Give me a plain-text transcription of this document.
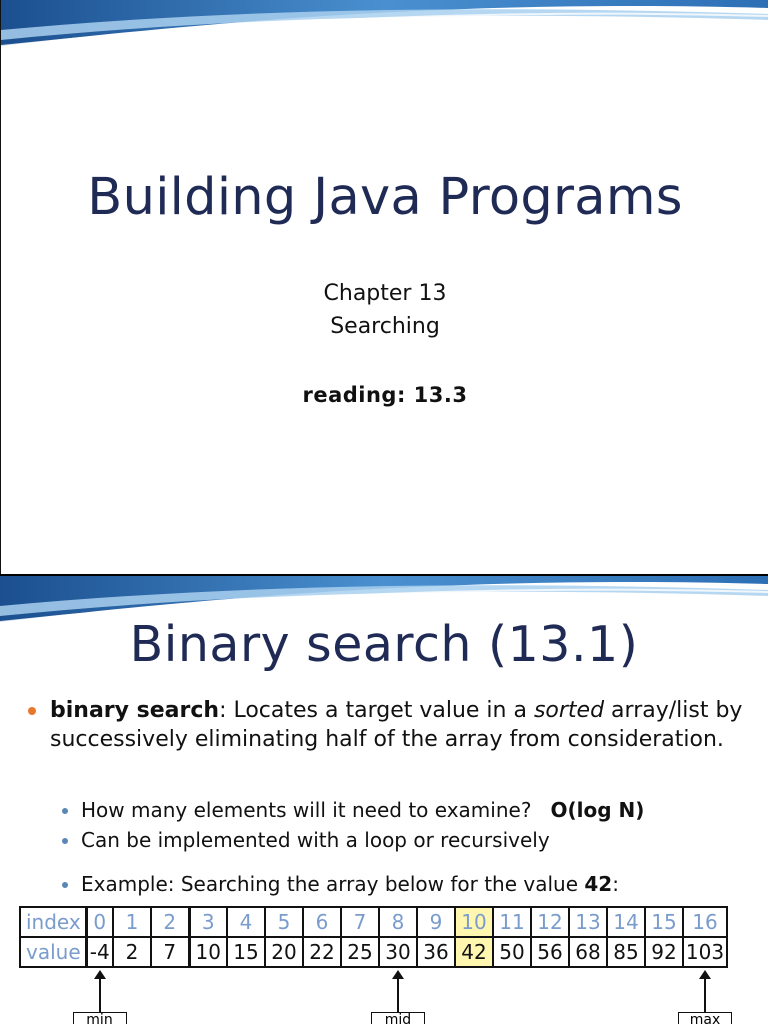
Building Java Programs
Chapter 13
Searching
reading: 13.3
Binary search (13.1)
binary search: Locates a target value in a sorted array/list by successively eliminating half of the array from consideration.
How many elements will it need to examine? O(log N)
Can be implemented with a loop or recursively
Example: Searching the array below for the value 42:
index	0	1	2	3	4	5	6	7	8	9	10	11	12	13	14	15	16
value	-4	2	7	10	15	20	22	25	30	36	42	50	56	68	85	92	103
min	mid	max
